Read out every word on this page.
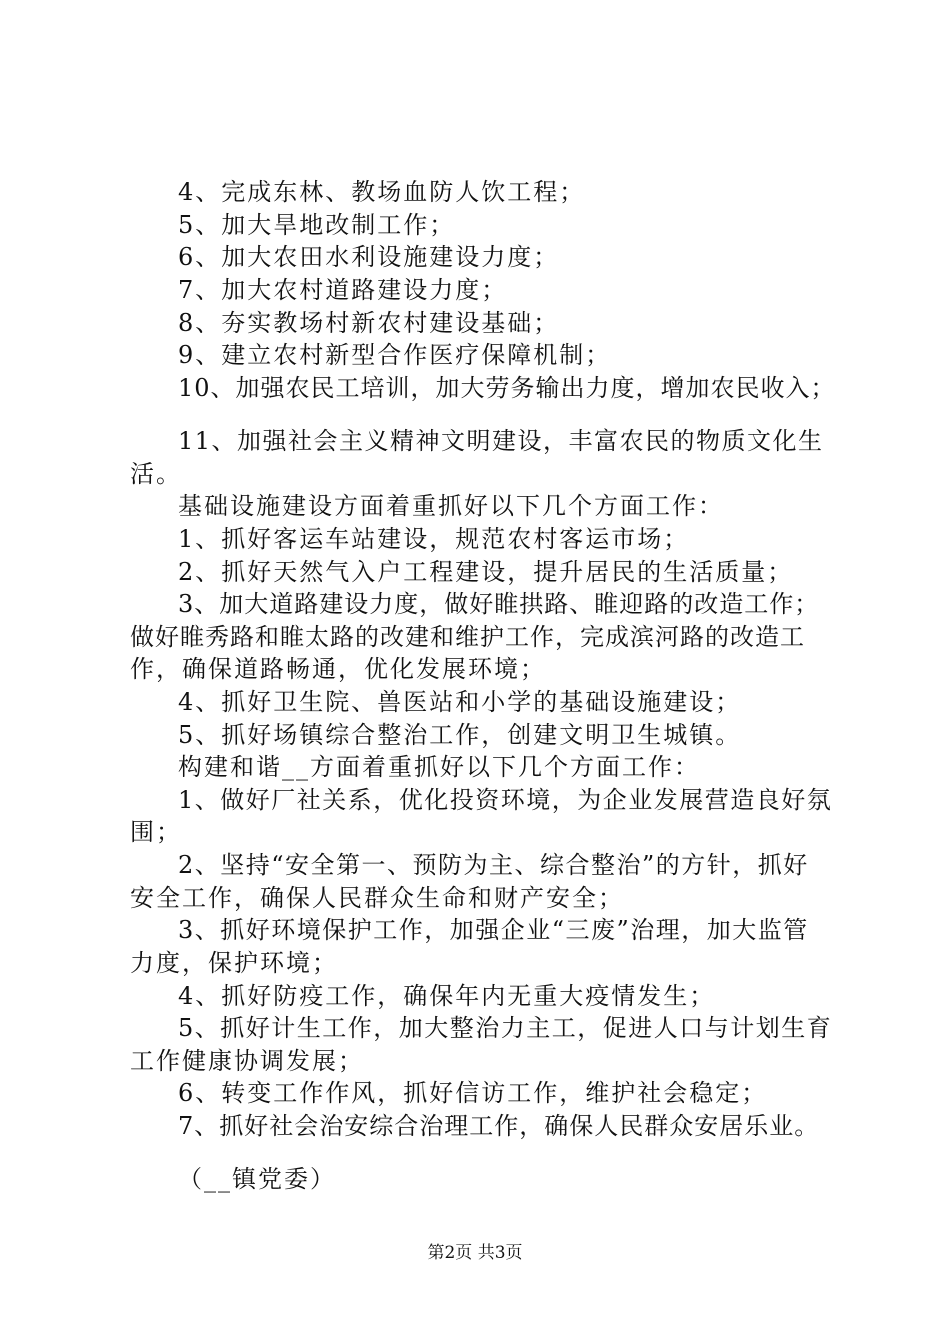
4、完成东林、教场血防人饮工程；
5、加大旱地改制工作；
6、加大农田水利设施建设力度；
7、加大农村道路建设力度；
8、夯实教场村新农村建设基础；
9、建立农村新型合作医疗保障机制；
10、加强农民工培训，加大劳务输出力度，增加农民收入；
11、加强社会主义精神文明建设，丰富农民的物质文化生
活。
基础设施建设方面着重抓好以下几个方面工作：
1、抓好客运车站建设，规范农村客运市场；
2、抓好天然气入户工程建设，提升居民的生活质量；
3、加大道路建设力度，做好睢拱路、睢迎路的改造工作；
做好睢秀路和睢太路的改建和维护工作，完成滨河路的改造工
作，确保道路畅通，优化发展环境；
4、抓好卫生院、兽医站和小学的基础设施建设；
5、抓好场镇综合整治工作，创建文明卫生城镇。
构建和谐__方面着重抓好以下几个方面工作：
1、做好厂社关系，优化投资环境，为企业发展营造良好氛
围；
2、坚持“安全第一、预防为主、综合整治”的方针，抓好
安全工作，确保人民群众生命和财产安全；
3、抓好环境保护工作，加强企业“三废”治理，加大监管
力度，保护环境；
4、抓好防疫工作，确保年内无重大疫情发生；
5、抓好计生工作，加大整治力主工，促进人口与计划生育
工作健康协调发展；
6、转变工作作风，抓好信访工作，维护社会稳定；
7、抓好社会治安综合治理工作，确保人民群众安居乐业。
（__镇党委）
第2页 共3页
